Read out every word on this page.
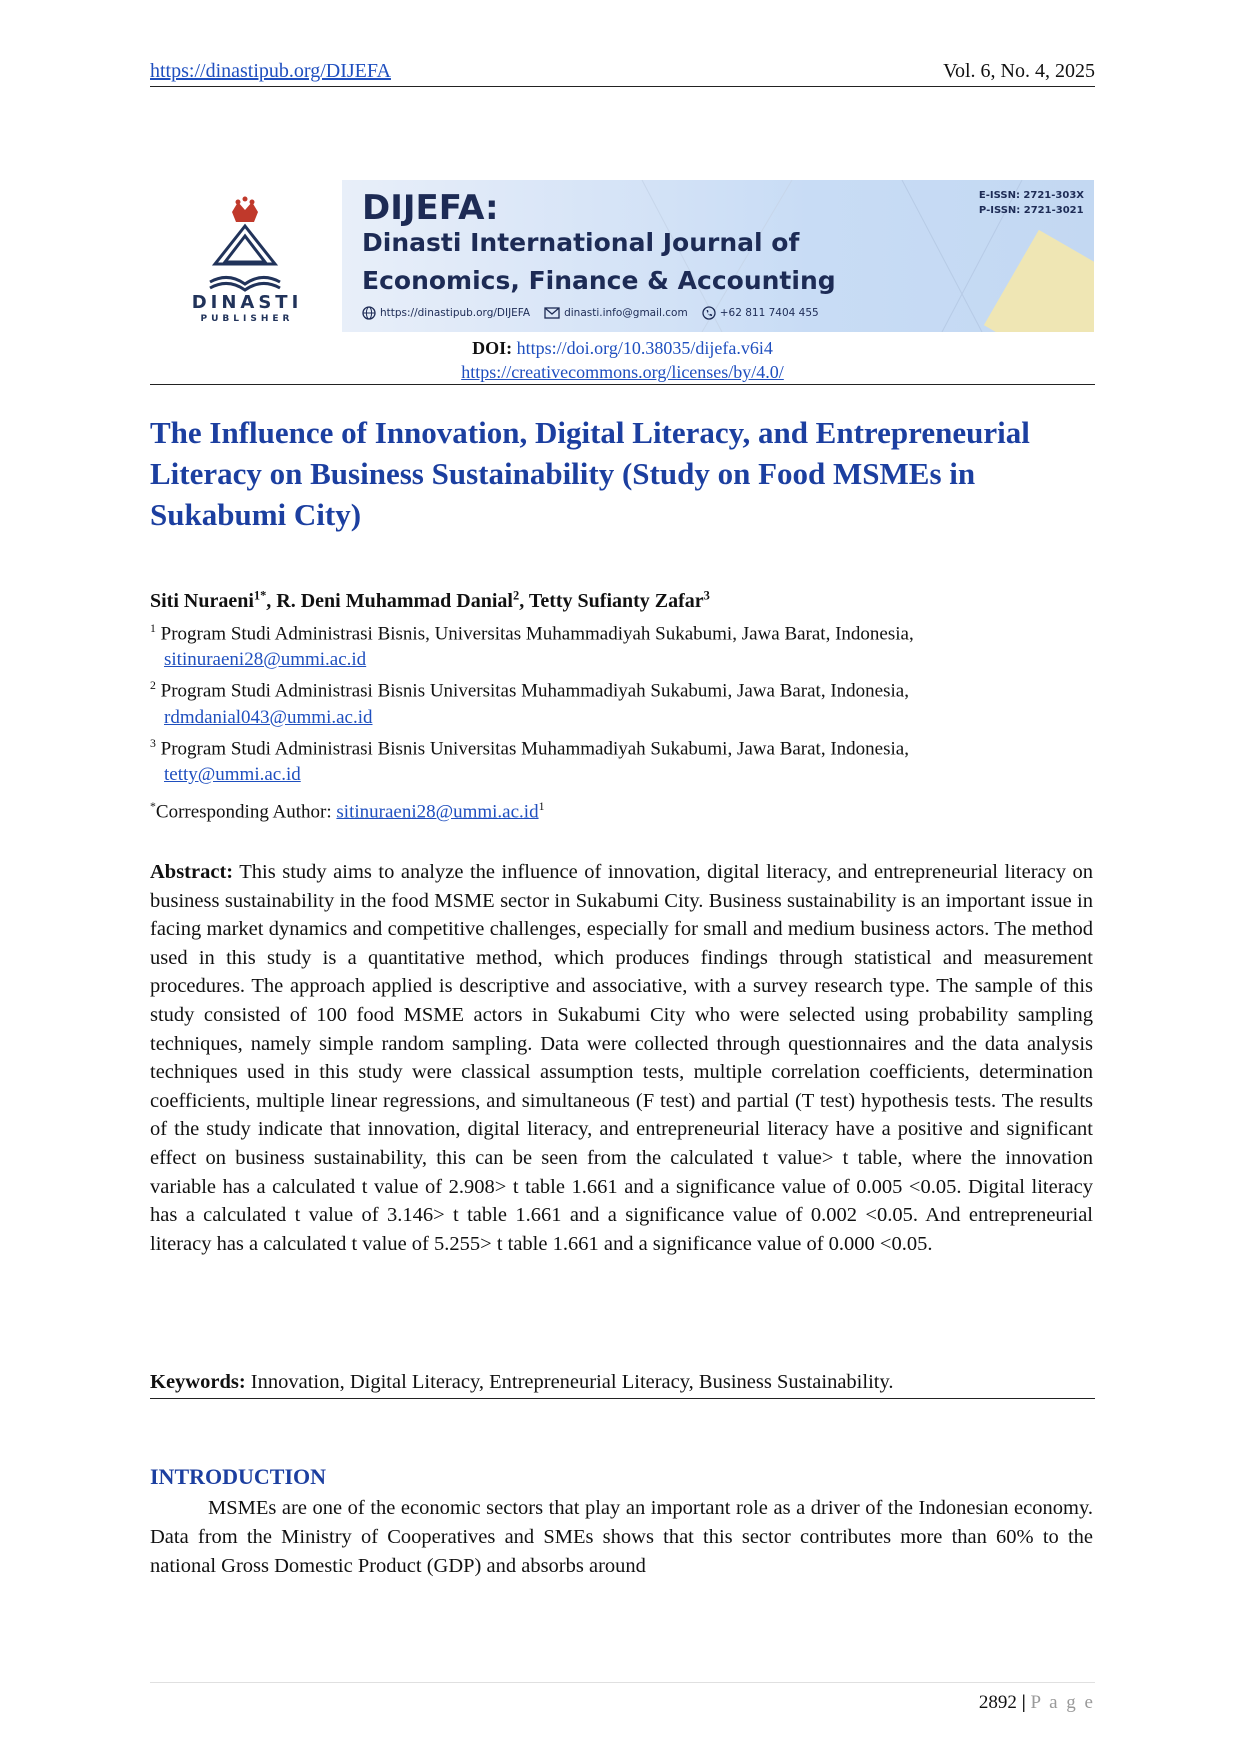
https://dinastipub.org/DIJEFA	Vol. 6, No. 4, 2025
DINASTI
PUBLISHER
DIJEFA:
Dinasti International Journal of
Economics, Finance & Accounting
https://dinastipub.org/DIJEFA	dinasti.info@gmail.com	+62 811 7404 455
E-ISSN: 2721-303X
P-ISSN: 2721-3021
DOI: https://doi.org/10.38035/dijefa.v6i4
https://creativecommons.org/licenses/by/4.0/
The Influence of Innovation, Digital Literacy, and Entrepreneurial Literacy on Business Sustainability (Study on Food MSMEs in Sukabumi City)
Siti Nuraeni$^{1*}$, R. Deni Muhammad Danial$^2$, Tetty Sufianty Zafar$^3$

$^1$ Program Studi Administrasi Bisnis, Universitas Muhammadiyah Sukabumi, Jawa Barat, Indonesia,
sitinuraeni28@ummi.ac.id

$^2$ Program Studi Administrasi Bisnis Universitas Muhammadiyah Sukabumi, Jawa Barat, Indonesia,
rdmdanial043@ummi.ac.id

$^3$ Program Studi Administrasi Bisnis Universitas Muhammadiyah Sukabumi, Jawa Barat, Indonesia,
tetty@ummi.ac.id

*Corresponding Author: $sitinuraeni28@ummi.ac.id^1$
Abstract: This study aims to analyze the influence of innovation, digital literacy, and entrepreneurial literacy on business sustainability in the food MSME sector in Sukabumi City. Business sustainability is an important issue in facing market dynamics and competitive challenges, especially for small and medium business actors. The method used in this study is a quantitative method, which produces findings through statistical and measurement procedures. The approach applied is descriptive and associative, with a survey research type. The sample of this study consisted of 100 food MSME actors in Sukabumi City who were selected using probability sampling techniques, namely simple random sampling. Data were collected through questionnaires and the data analysis techniques used in this study were classical assumption tests, multiple correlation coefficients, determination coefficients, multiple linear regressions, and simultaneous (F test) and partial (T test) hypothesis tests. The results of the study indicate that innovation, digital literacy, and entrepreneurial literacy have a positive and significant effect on business sustainability, this can be seen from the calculated t value> t table, where the innovation variable has a calculated t value of 2.908> t table 1.661 and a significance value of 0.005 <0.05. Digital literacy has a calculated t value of 3.146> t table 1.661 and a significance value of 0.002 <0.05. And entrepreneurial literacy has a calculated t value of 5.255> t table 1.661 and a significance value of 0.000 <0.05.
Keywords: Innovation, Digital Literacy, Entrepreneurial Literacy, Business Sustainability.
INTRODUCTION
MSMEs are one of the economic sectors that play an important role as a driver of the Indonesian economy. Data from the Ministry of Cooperatives and SMEs shows that this sector contributes more than 60% to the national Gross Domestic Product (GDP) and absorbs around
2892 | P a g e
